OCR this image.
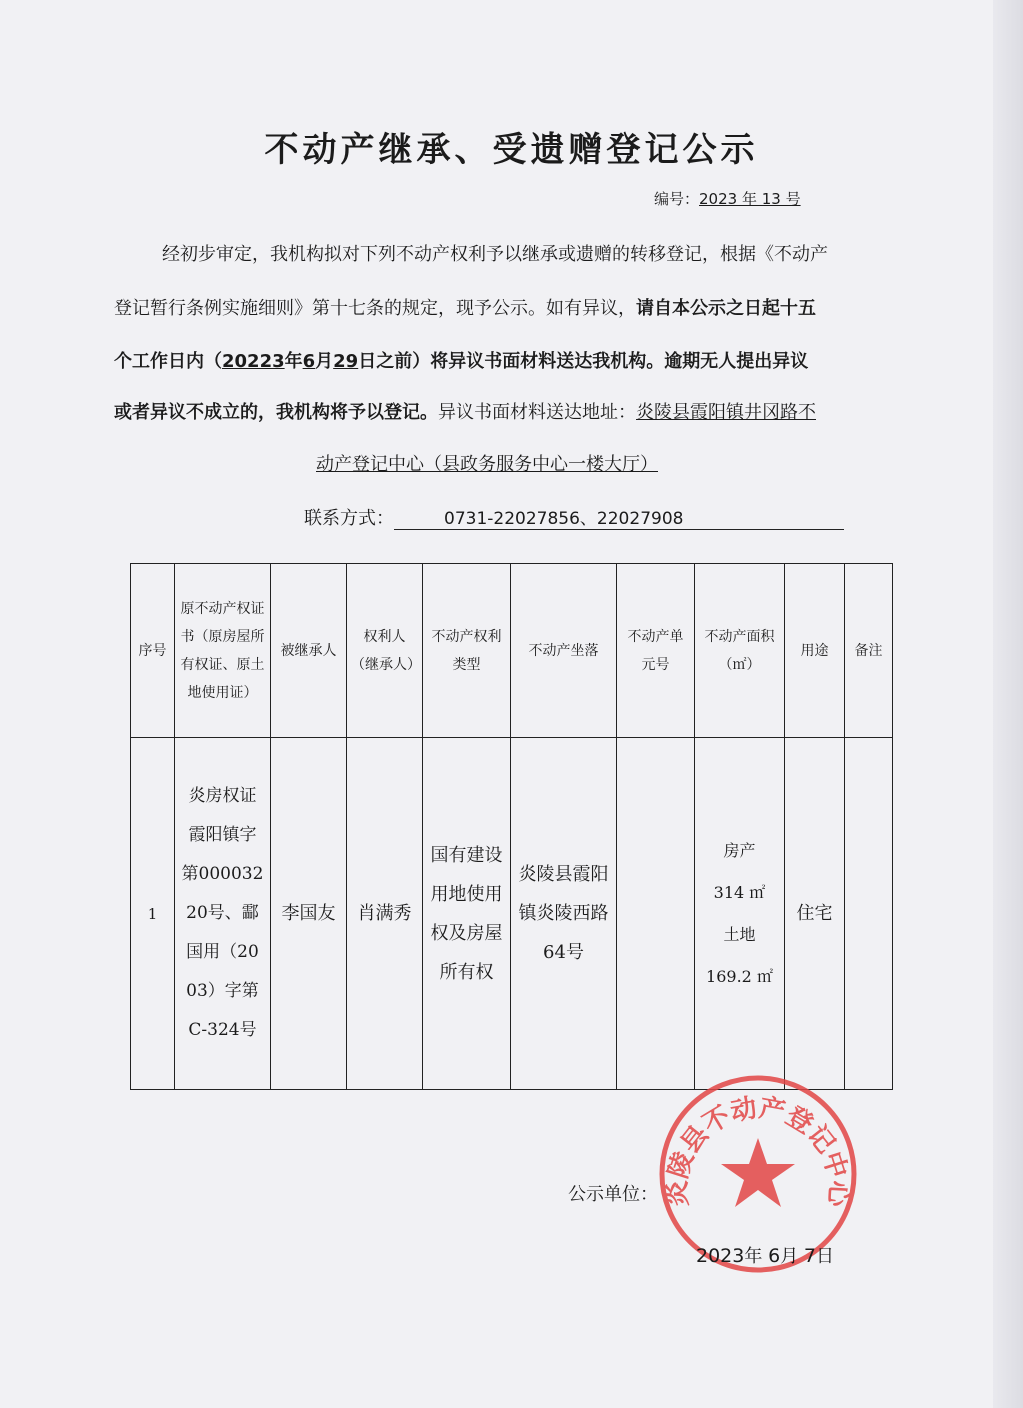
不动产继承、受遗赠登记公示
编号：2023 年 13 号
经初步审定，我机构拟对下列不动产权利予以继承或遗赠的转移登记，根据《不动产
登记暂行条例实施细则》第十七条的规定，现予公示。如有异议，请自本公示之日起十五
个工作日内（20223年6月29日之前）将异议书面材料送达我机构。逾期无人提出异议
或者异议不成立的，我机构将予以登记。异议书面材料送达地址：炎陵县霞阳镇井冈路不
动产登记中心（县政务服务中心一楼大厅）
联系方式：	0731-22027856、22027908
序号	原不动产权证书（原房屋所有权证、原土地使用证）	被继承人	权利人（继承人）	不动产权利类型	不动产坐落	不动产单元号	不动产面积（㎡）	用途	备注
1	炎房权证霞阳镇字第00003220号、酃国用（2003）字第C-324号	李国友	肖满秀	国有建设用地使用权及房屋所有权	炎陵县霞阳镇炎陵西路64号		房产
314 ㎡
土地
169.2 ㎡	住宅	
公示单位： 炎陵县不动产登记中心
2023年 6月 7日
